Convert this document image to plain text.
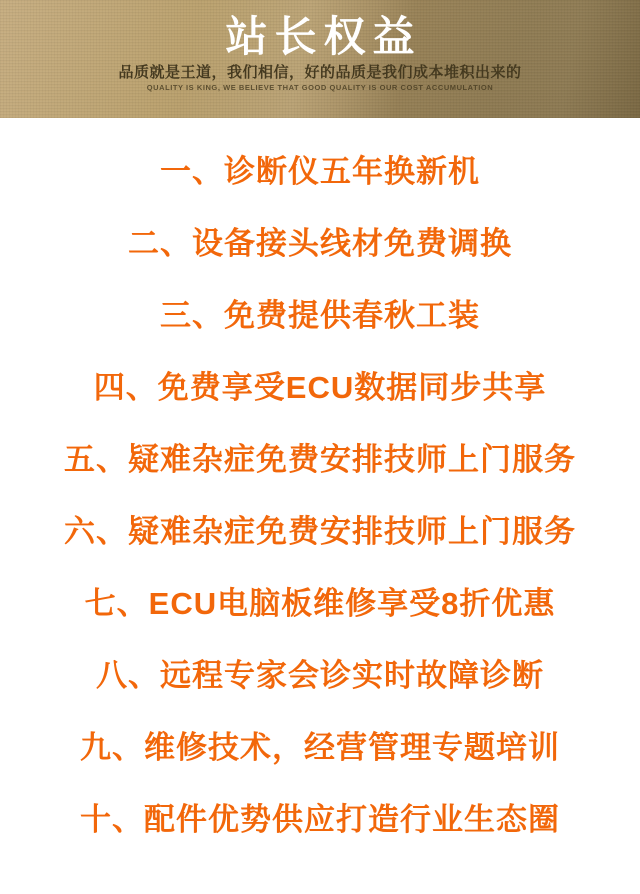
站长权益
品质就是王道，我们相信，好的品质是我们成本堆积出来的
QUALITY IS KING, WE BELIEVE THAT GOOD QUALITY IS OUR COST ACCUMULATION
一、诊断仪五年换新机
二、设备接头线材免费调换
三、免费提供春秋工装
四、免费享受ECU数据同步共享
五、疑难杂症免费安排技师上门服务
六、疑难杂症免费安排技师上门服务
七、ECU电脑板维修享受8折优惠
八、远程专家会诊实时故障诊断
九、维修技术，经营管理专题培训
十、配件优势供应打造行业生态圈
